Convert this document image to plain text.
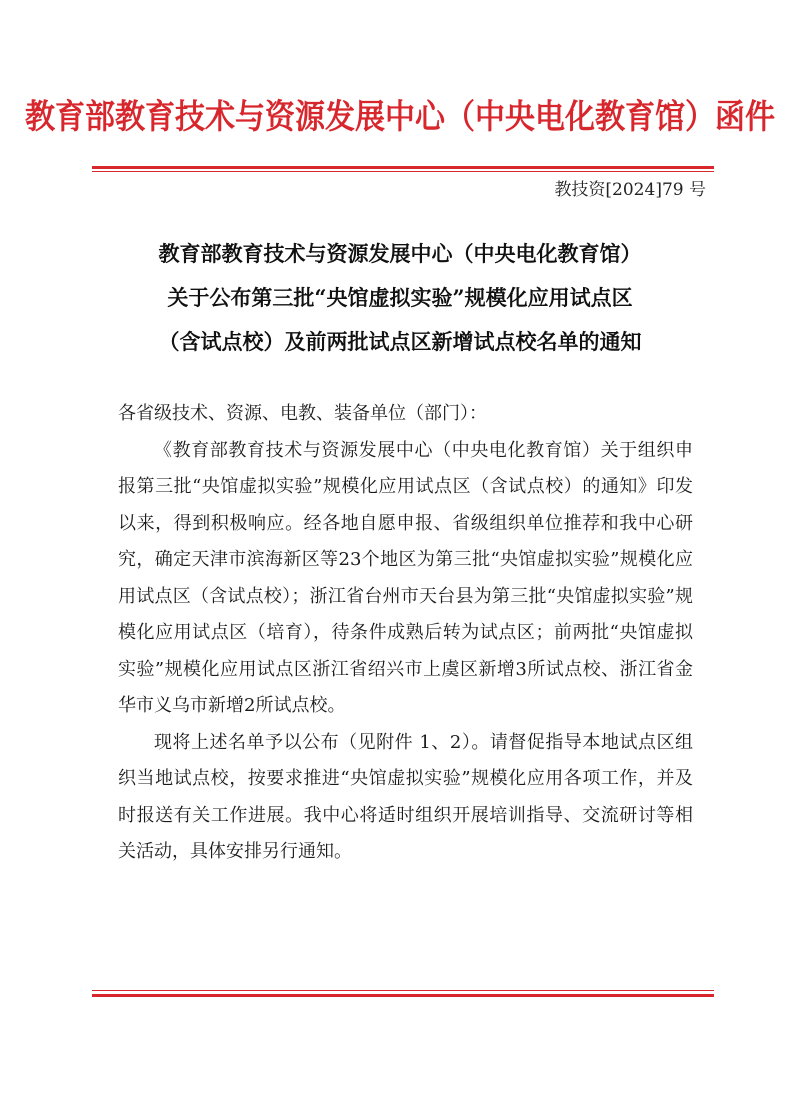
教育部教育技术与资源发展中心（中央电化教育馆）函件
教技资[2024]79 号
教育部教育技术与资源发展中心（中央电化教育馆）
关于公布第三批“央馆虚拟实验”规模化应用试点区
（含试点校）及前两批试点区新增试点校名单的通知

各省级技术、资源、电教、装备单位（部门）：

《教育部教育技术与资源发展中心（中央电化教育馆）关于组织申报第三批“央馆虚拟实验”规模化应用试点区（含试点校）的通知》印发以来，得到积极响应。经各地自愿申报、省级组织单位推荐和我中心研究，确定天津市滨海新区等23个地区为第三批“央馆虚拟实验”规模化应用试点区（含试点校）；浙江省台州市天台县为第三批“央馆虚拟实验”规模化应用试点区（培育），待条件成熟后转为试点区；前两批“央馆虚拟实验”规模化应用试点区浙江省绍兴市上虞区新增3所试点校、浙江省金华市义乌市新增2所试点校。

现将上述名单予以公布（见附件 1、2）。请督促指导本地试点区组织当地试点校，按要求推进“央馆虚拟实验”规模化应用各项工作，并及时报送有关工作进展。我中心将适时组织开展培训指导、交流研讨等相关活动，具体安排另行通知。
